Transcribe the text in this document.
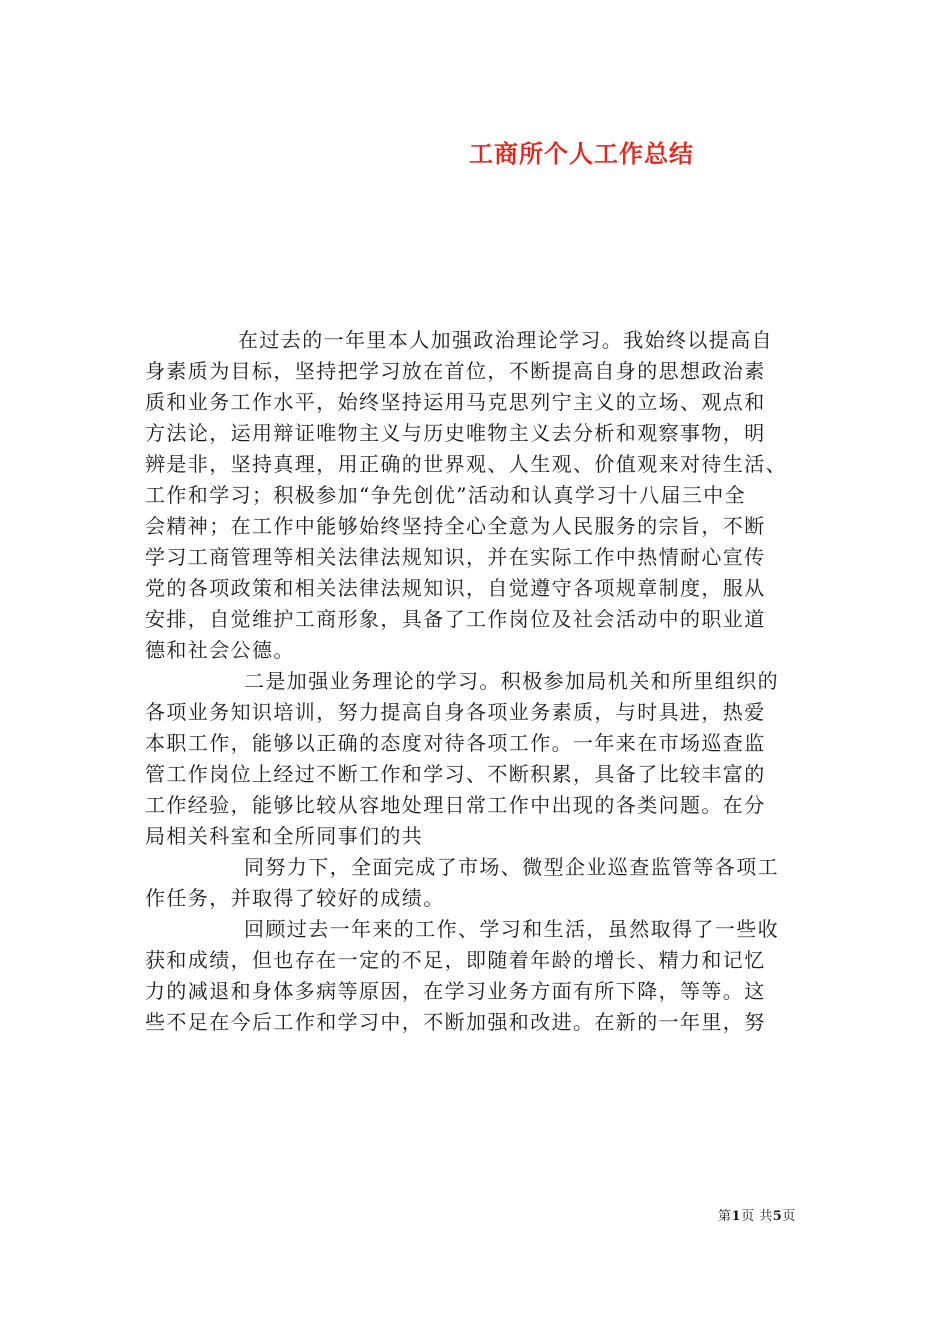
工商所个人工作总结

在过去的一年里本人加强政治理论学习。我始终以提高自
身素质为目标，坚持把学习放在首位，不断提高自身的思想政治素
质和业务工作水平，始终坚持运用马克思列宁主义的立场、观点和
方法论，运用辩证唯物主义与历史唯物主义去分析和观察事物，明
辨是非，坚持真理，用正确的世界观、人生观、价值观来对待生活、
工作和学习；积极参加“争先创优”活动和认真学习十八届三中全
会精神；在工作中能够始终坚持全心全意为人民服务的宗旨，不断
学习工商管理等相关法律法规知识，并在实际工作中热情耐心宣传
党的各项政策和相关法律法规知识，自觉遵守各项规章制度，服从
安排，自觉维护工商形象，具备了工作岗位及社会活动中的职业道
德和社会公德。

二是加强业务理论的学习。积极参加局机关和所里组织的
各项业务知识培训，努力提高自身各项业务素质，与时具进，热爱
本职工作，能够以正确的态度对待各项工作。一年来在市场巡查监
管工作岗位上经过不断工作和学习、不断积累，具备了比较丰富的
工作经验，能够比较从容地处理日常工作中出现的各类问题。在分
局相关科室和全所同事们的共

同努力下，全面完成了市场、微型企业巡查监管等各项工
作任务，并取得了较好的成绩。

回顾过去一年来的工作、学习和生活，虽然取得了一些收
获和成绩，但也存在一定的不足，即随着年龄的增长、精力和记忆
力的减退和身体多病等原因，在学习业务方面有所下降，等等。这
些不足在今后工作和学习中，不断加强和改进。在新的一年里，努

第1页 共5页
